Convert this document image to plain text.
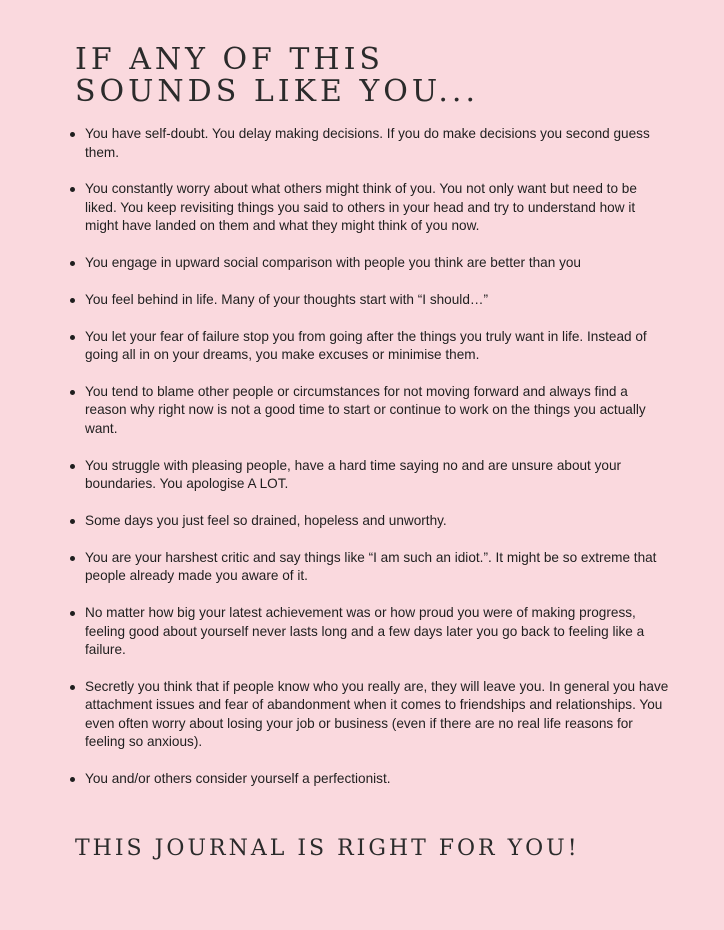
IF ANY OF THIS
SOUNDS LIKE YOU...
You have self-doubt. You delay making decisions. If you do make decisions you second guess them.
You constantly worry about what others might think of you. You not only want but need to be liked. You keep revisiting things you said to others in your head and try to understand how it might have landed on them and what they might think of you now.
You engage in upward social comparison with people you think are better than you
You feel behind in life. Many of your thoughts start with “I should…”
You let your fear of failure stop you from going after the things you truly want in life. Instead of going all in on your dreams, you make excuses or minimise them.
You tend to blame other people or circumstances for not moving forward and always find a reason why right now is not a good time to start or continue to work on the things you actually want.
You struggle with pleasing people, have a hard time saying no and are unsure about your boundaries. You apologise A LOT.
Some days you just feel so drained, hopeless and unworthy.
You are your harshest critic and say things like “I am such an idiot.”. It might be so extreme that people already made you aware of it.
No matter how big your latest achievement was or how proud you were of making progress, feeling good about yourself never lasts long and a few days later you go back to feeling like a failure.
Secretly you think that if people know who you really are, they will leave you. In general you have attachment issues and fear of abandonment when it comes to friendships and relationships. You even often worry about losing your job or business (even if there are no real life reasons for feeling so anxious).
You and/or others consider yourself a perfectionist.
THIS JOURNAL IS RIGHT FOR YOU!
